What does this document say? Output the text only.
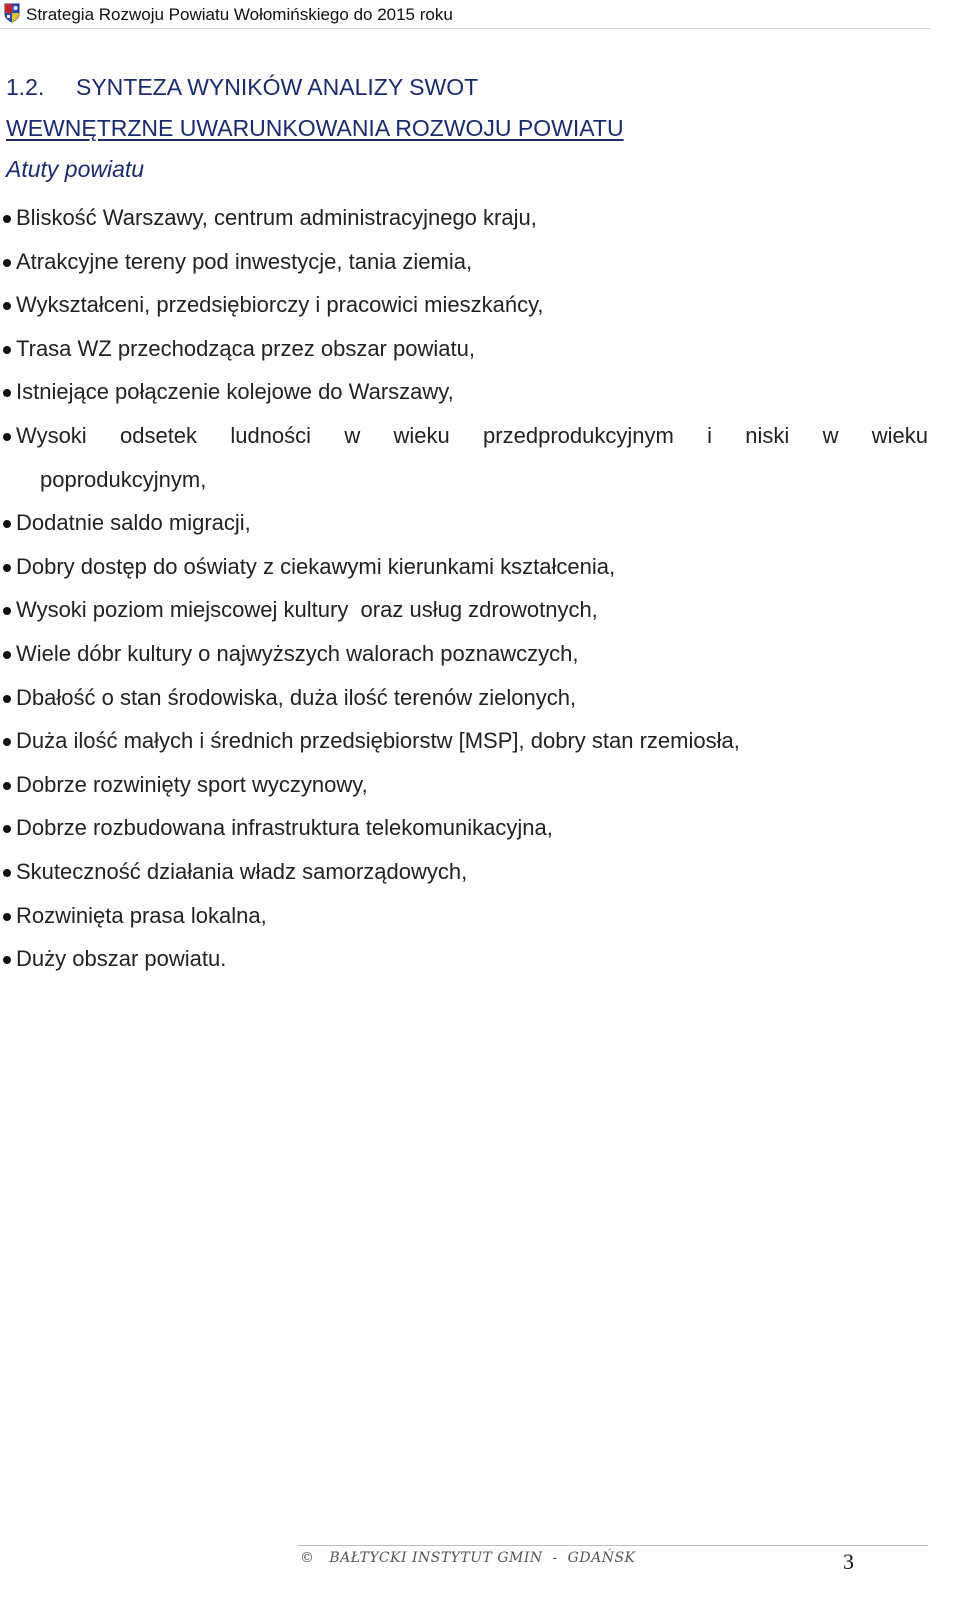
Strategia Rozwoju Powiatu Wołomińskiego do 2015 roku
1.2. SYNTEZA WYNIKÓW ANALIZY SWOT
WEWNĘTRZNE UWARUNKOWANIA ROZWOJU POWIATU
Atuty powiatu
Bliskość Warszawy, centrum administracyjnego kraju,
Atrakcyjne tereny pod inwestycje, tania ziemia,
Wykształceni, przedsiębiorczy i pracowici mieszkańcy,
Trasa WZ przechodząca przez obszar powiatu,
Istniejące połączenie kolejowe do Warszawy,
Wysoki odsetek ludności w wieku przedprodukcyjnym i niski w wieku
poprodukcyjnym,
Dodatnie saldo migracji,
Dobry dostęp do oświaty z ciekawymi kierunkami kształcenia,
Wysoki poziom miejscowej kultury  oraz usług zdrowotnych,
Wiele dóbr kultury o najwyższych walorach poznawczych,
Dbałość o stan środowiska, duża ilość terenów zielonych,
Duża ilość małych i średnich przedsiębiorstw [MSP], dobry stan rzemiosła,
Dobrze rozwinięty sport wyczynowy,
Dobrze rozbudowana infrastruktura telekomunikacyjna,
Skuteczność działania władz samorządowych,
Rozwinięta prasa lokalna,
Duży obszar powiatu.
© BAŁTYCKI INSTYTUT GMIN  -  GDAŃSK	3
